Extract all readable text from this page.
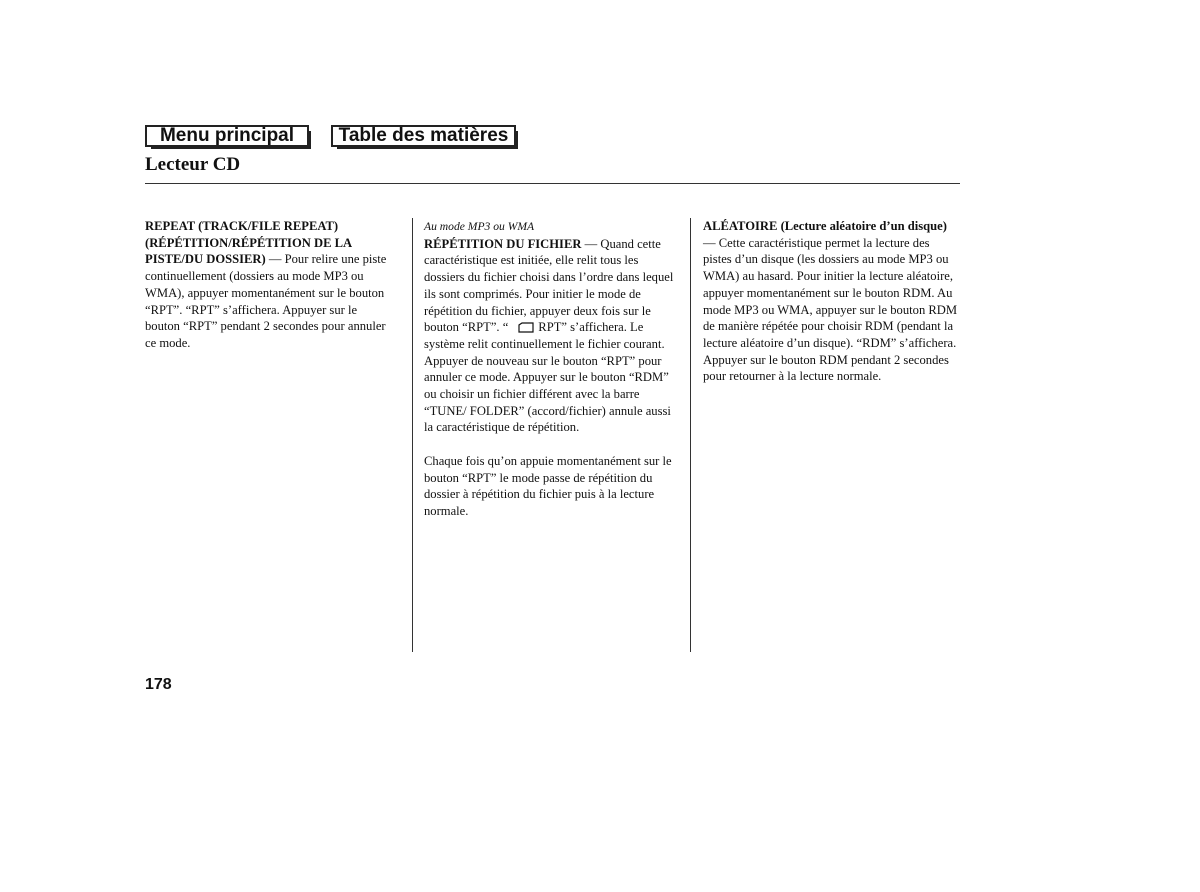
Menu principal	Table des matières
Lecteur CD

REPEAT (TRACK/FILE REPEAT) (RÉPÉTITION/RÉPÉTITION DE LA PISTE/DU DOSSIER) — Pour relire une piste continuellement (dossiers au mode MP3 ou WMA), appuyer momentanément sur le bouton “RPT”. “RPT” s’affichera. Appuyer sur le bouton “RPT” pendant 2 secondes pour annuler ce mode.

Au mode MP3 ou WMA
RÉPÉTITION DU FICHIER — Quand cette caractéristique est initiée, elle relit tous les dossiers du fichier choisi dans l’ordre dans lequel ils sont comprimés. Pour initier le mode de répétition du fichier, appuyer deux fois sur le bouton “RPT”. “ RPT” s’affichera. Le système relit continuellement le fichier courant. Appuyer de nouveau sur le bouton “RPT” pour annuler ce mode. Appuyer sur le bouton “RDM” ou choisir un fichier différent avec la barre “TUNE/ FOLDER” (accord/fichier) annule aussi la caractéristique de répétition.

Chaque fois qu’on appuie momentanément sur le bouton “RPT” le mode passe de répétition du dossier à répétition du fichier puis à la lecture normale.

ALÉATOIRE (Lecture aléatoire d’un disque) — Cette caractéristique permet la lecture des pistes d’un disque (les dossiers au mode MP3 ou WMA) au hasard. Pour initier la lecture aléatoire, appuyer momentanément sur le bouton RDM. Au mode MP3 ou WMA, appuyer sur le bouton RDM de manière répétée pour choisir RDM (pendant la lecture aléatoire d’un disque). “RDM” s’affichera. Appuyer sur le bouton RDM pendant 2 secondes pour retourner à la lecture normale.

178
